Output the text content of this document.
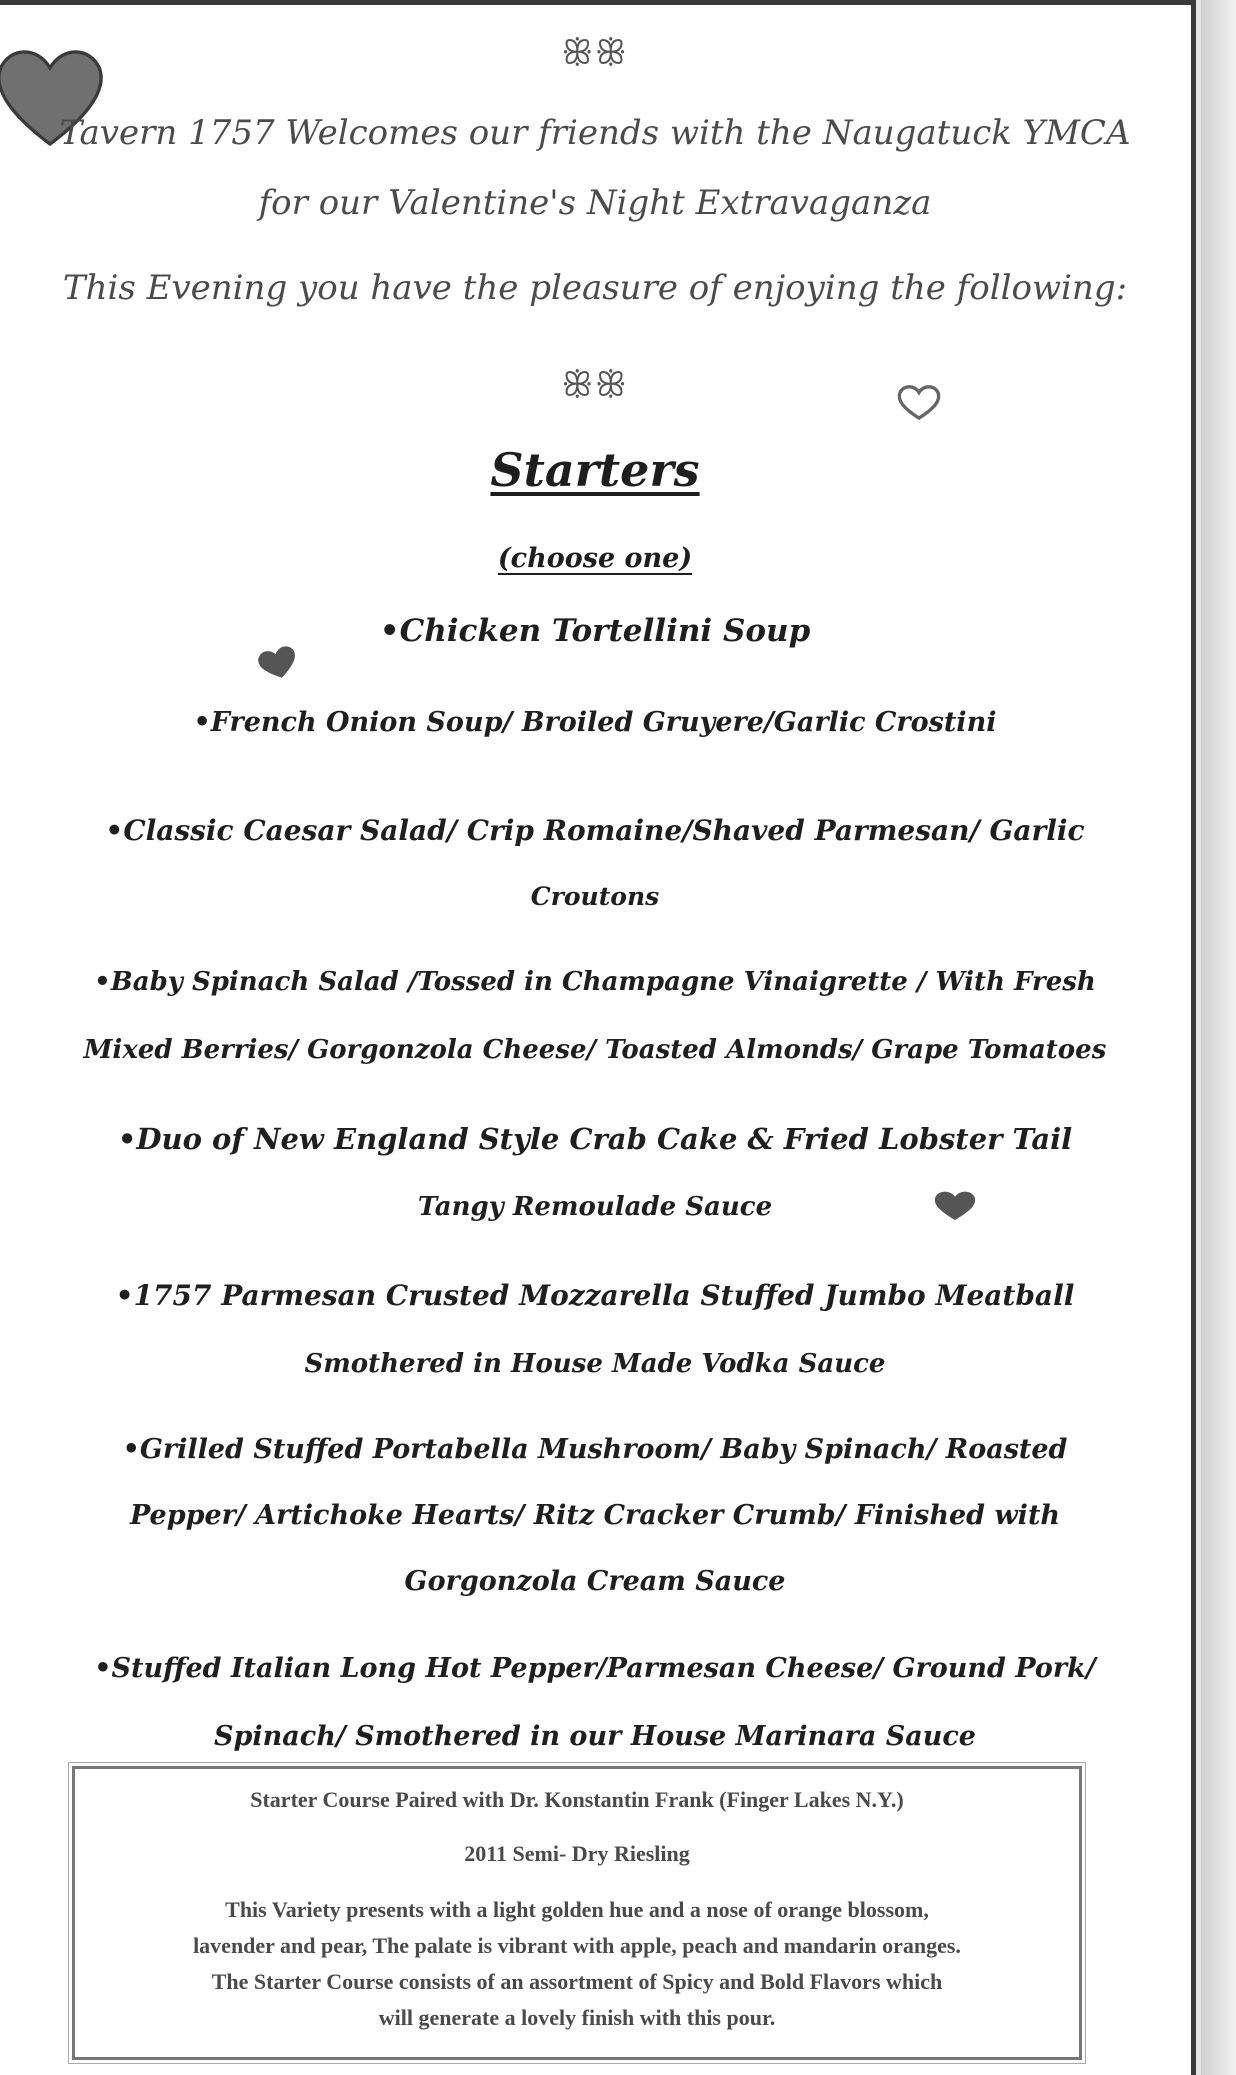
ꕥꕥ
Tavern 1757 Welcomes our friends with the Naugatuck YMCA
for our Valentine's Night Extravaganza
This Evening you have the pleasure of enjoying the following:
ꕥꕥ
Starters
(choose one)
•Chicken Tortellini Soup
•French Onion Soup/ Broiled Gruyere/Garlic Crostini
•Classic Caesar Salad/ Crip Romaine/Shaved Parmesan/ Garlic
Croutons
•Baby Spinach Salad /Tossed in Champagne Vinaigrette / With Fresh
Mixed Berries/ Gorgonzola Cheese/ Toasted Almonds/ Grape Tomatoes
•Duo of New England Style Crab Cake & Fried Lobster Tail
Tangy Remoulade Sauce
•1757 Parmesan Crusted Mozzarella Stuffed Jumbo Meatball
Smothered in House Made Vodka Sauce
•Grilled Stuffed Portabella Mushroom/ Baby Spinach/ Roasted
Pepper/ Artichoke Hearts/ Ritz Cracker Crumb/ Finished with
Gorgonzola Cream Sauce
•Stuffed Italian Long Hot Pepper/Parmesan Cheese/ Ground Pork/
Spinach/ Smothered in our House Marinara Sauce
Starter Course Paired with Dr. Konstantin Frank (Finger Lakes N.Y.)
2011 Semi- Dry Riesling
This Variety presents with a light golden hue and a nose of orange blossom,
lavender and pear, The palate is vibrant with apple, peach and mandarin oranges.
The Starter Course consists of an assortment of Spicy and Bold Flavors which
will generate a lovely finish with this pour.
